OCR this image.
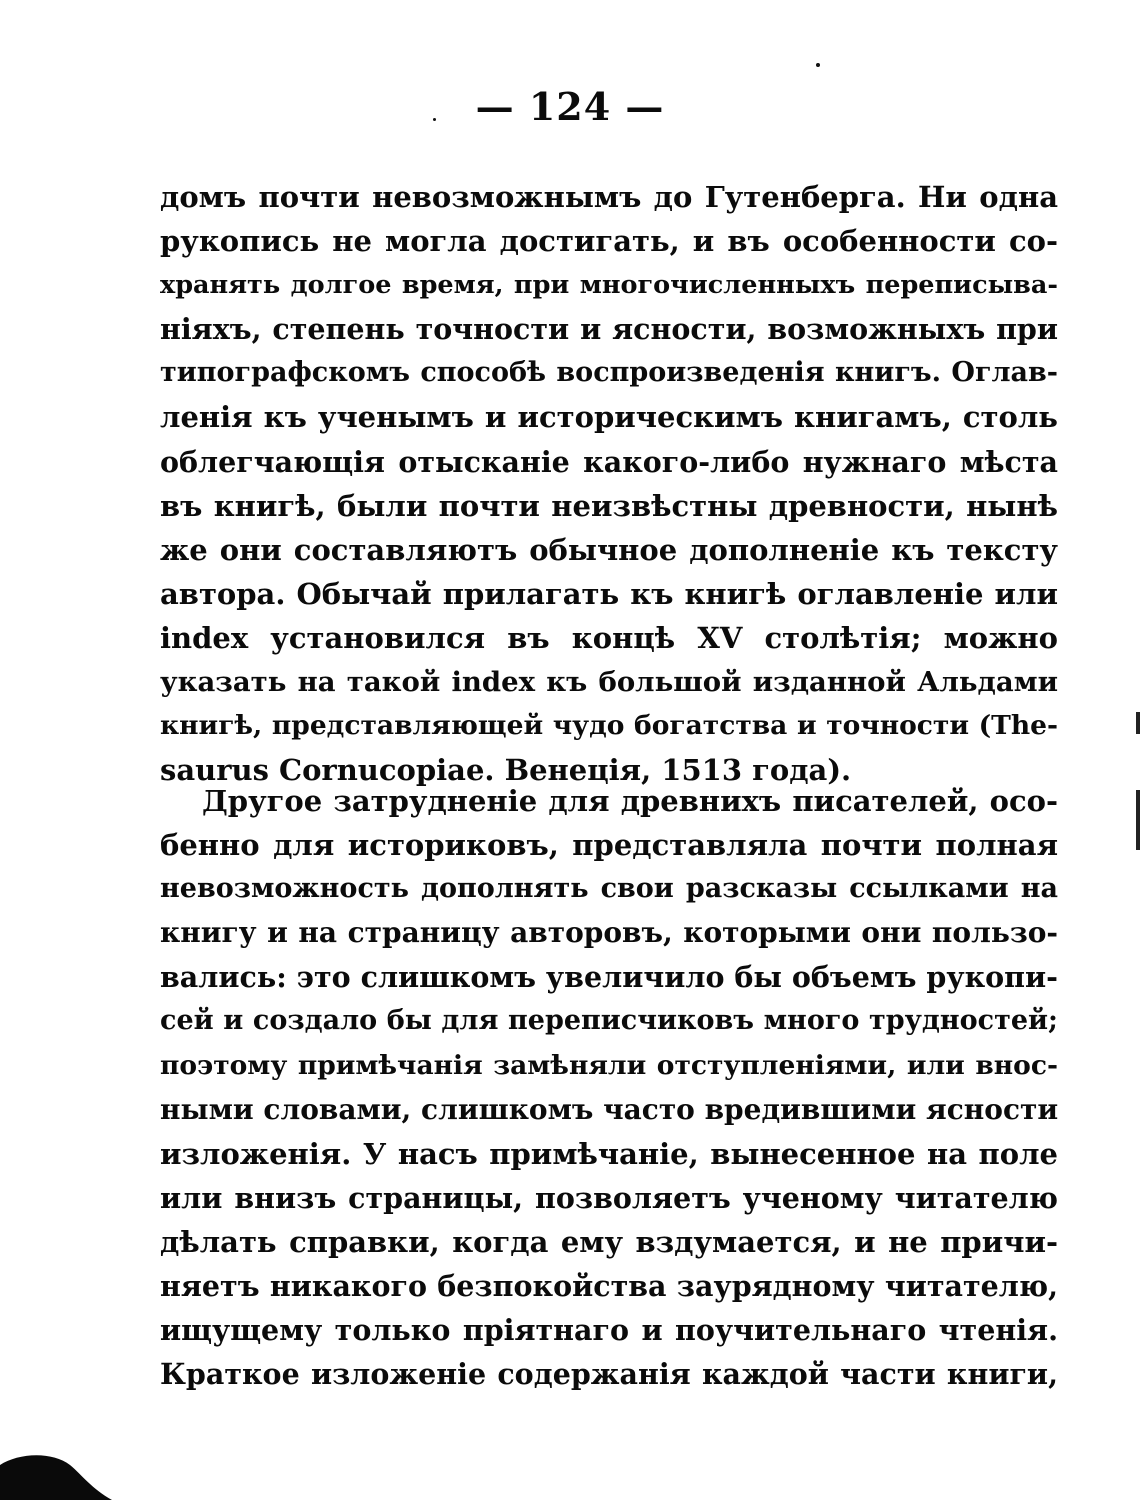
— 124 —
домъ почти невозможнымъ до Гутенберга. Ни одна
рукопись не могла достигать, и въ особенности со-
хранять долгое время, при многочисленныхъ переписыва-
ніяхъ, степень точности и ясности, возможныхъ при
типографскомъ способѣ воспроизведенія книгъ. Оглав-
ленія къ ученымъ и историческимъ книгамъ, столь
облегчающія отысканіе какого-либо нужнаго мѣста
въ книгѣ, были почти неизвѣстны древности, нынѣ
же они составляютъ обычное дополненіе къ тексту
автора. Обычай прилагать къ книгѣ оглавленіе или
index установился въ концѣ XV столѣтія; можно
указать на такой index къ большой изданной Альдами
книгѣ, представляющей чудо богатства и точности (The-
saurus Cornucopiae. Венеція, 1513 года).
Другое затрудненіе для древнихъ писателей, осо-
бенно для историковъ, представляла почти полная
невозможность дополнять свои разсказы ссылками на
книгу и на страницу авторовъ, которыми они пользо-
вались: это слишкомъ увеличило бы объемъ рукопи-
сей и создало бы для переписчиковъ много трудностей;
поэтому примѣчанія замѣняли отступленіями, или внос-
ными словами, слишкомъ часто вредившими ясности
изложенія. У насъ примѣчаніе, вынесенное на поле
или внизъ страницы, позволяетъ ученому читателю
дѣлать справки, когда ему вздумается, и не причи-
няетъ никакого безпокойства заурядному читателю,
ищущему только пріятнаго и поучительнаго чтенія.
Краткое изложеніе содержанія каждой части книги,
